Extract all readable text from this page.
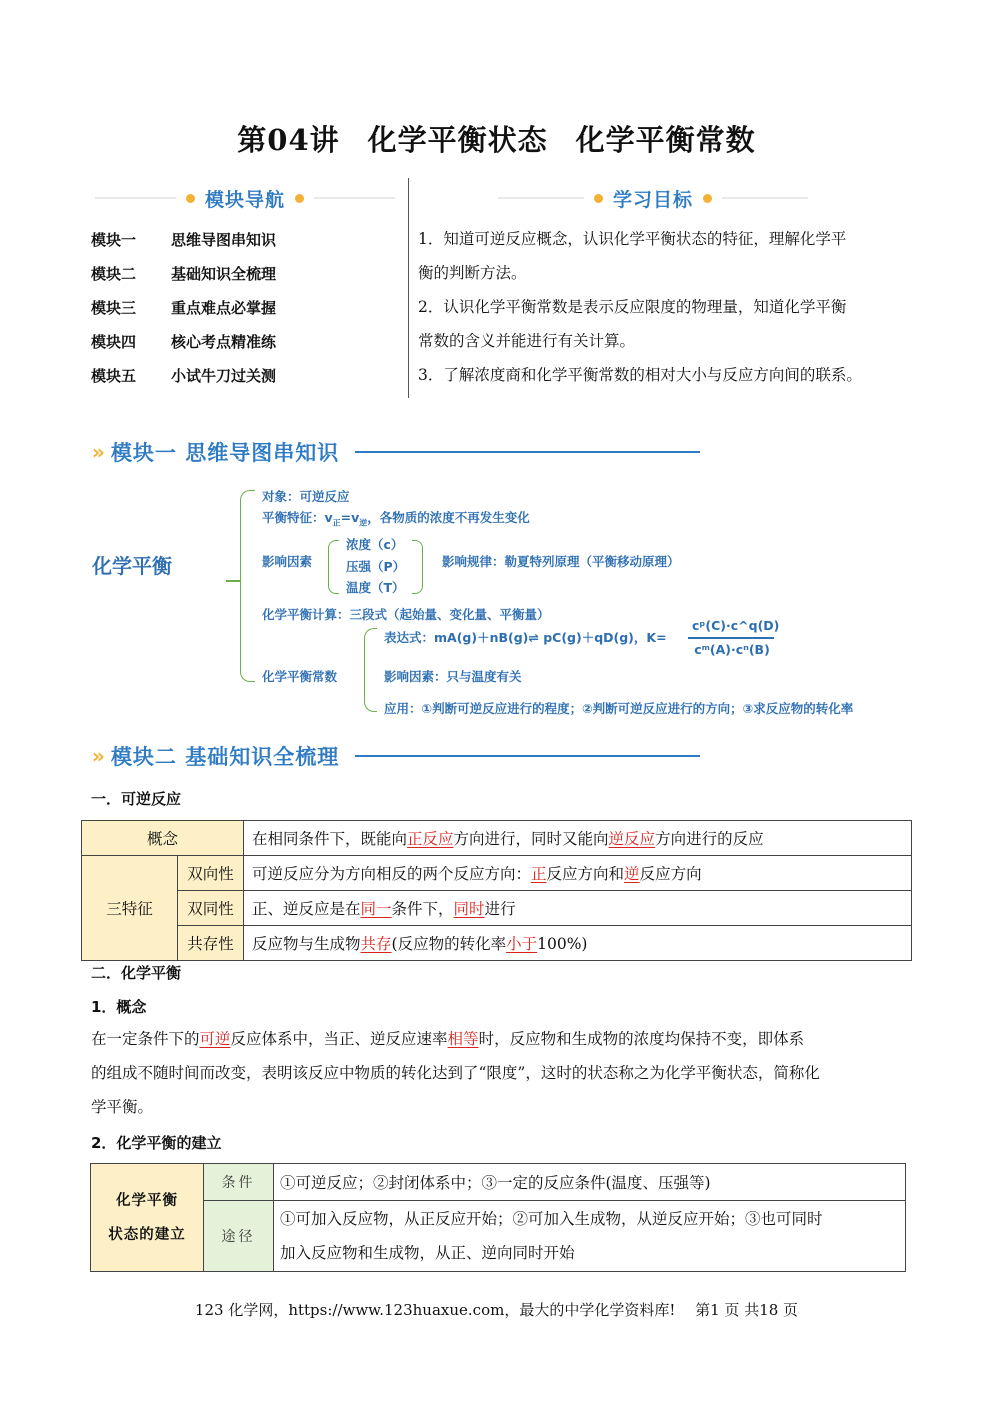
第04讲 化学平衡状态 化学平衡常数
模块导航
模块一	思维导图串知识
模块二	基础知识全梳理
模块三	重点难点必掌握
模块四	核心考点精准练
模块五	小试牛刀过关测
学习目标
1．知道可逆反应概念，认识化学平衡状态的特征，理解化学平
衡的判断方法。
2．认识化学平衡常数是表示反应限度的物理量，知道化学平衡
常数的含义并能进行有关计算。
3．了解浓度商和化学平衡常数的相对大小与反应方向间的联系。
» 模块一 思维导图串知识
化学平衡
对象：可逆反应
平衡特征：$v_正=v_逆$，各物质的浓度不再发生变化
影响因素
浓度（c）
压强（P）
温度（T）
影响规律：勒夏特列原理（平衡移动原理）
化学平衡计算：三段式（起始量、变化量、平衡量）
化学平衡常数
表达式：mA(g)＋nB(g)⇌ pC(g)＋qD(g)，K=
cᵖ(C)·c^q(D)
cᵐ(A)·cⁿ(B)
影响因素：只与温度有关
应用：①判断可逆反应进行的程度；②判断可逆反应进行的方向；③求反应物的转化率
» 模块二 基础知识全梳理
一．可逆反应
概念		在相同条件下，既能向正反应方向进行，同时又能向逆反应方向进行的反应
三特征	双向性	可逆反应分为方向相反的两个反应方向：正反应方向和逆反应方向
	双同性	正、逆反应是在同一条件下，同时进行
	共存性	反应物与生成物共存(反应物的转化率小于100%)
二．化学平衡
1．概念
在一定条件下的可逆反应体系中，当正、逆反应速率相等时，反应物和生成物的浓度均保持不变，即体系
的组成不随时间而改变，表明该反应中物质的转化达到了“限度”，这时的状态称之为化学平衡状态，简称化
学平衡。
2．化学平衡的建立
化学平衡
状态的建立	条件	①可逆反应；②封闭体系中；③一定的反应条件(温度、压强等)
	途径	①可加入反应物，从正反应开始；②可加入生成物，从逆反应开始；③也可同时
加入反应物和生成物，从正、逆向同时开始
123 化学网，https://www.123huaxue.com，最大的中学化学资料库!　 第1 页 共18 页
